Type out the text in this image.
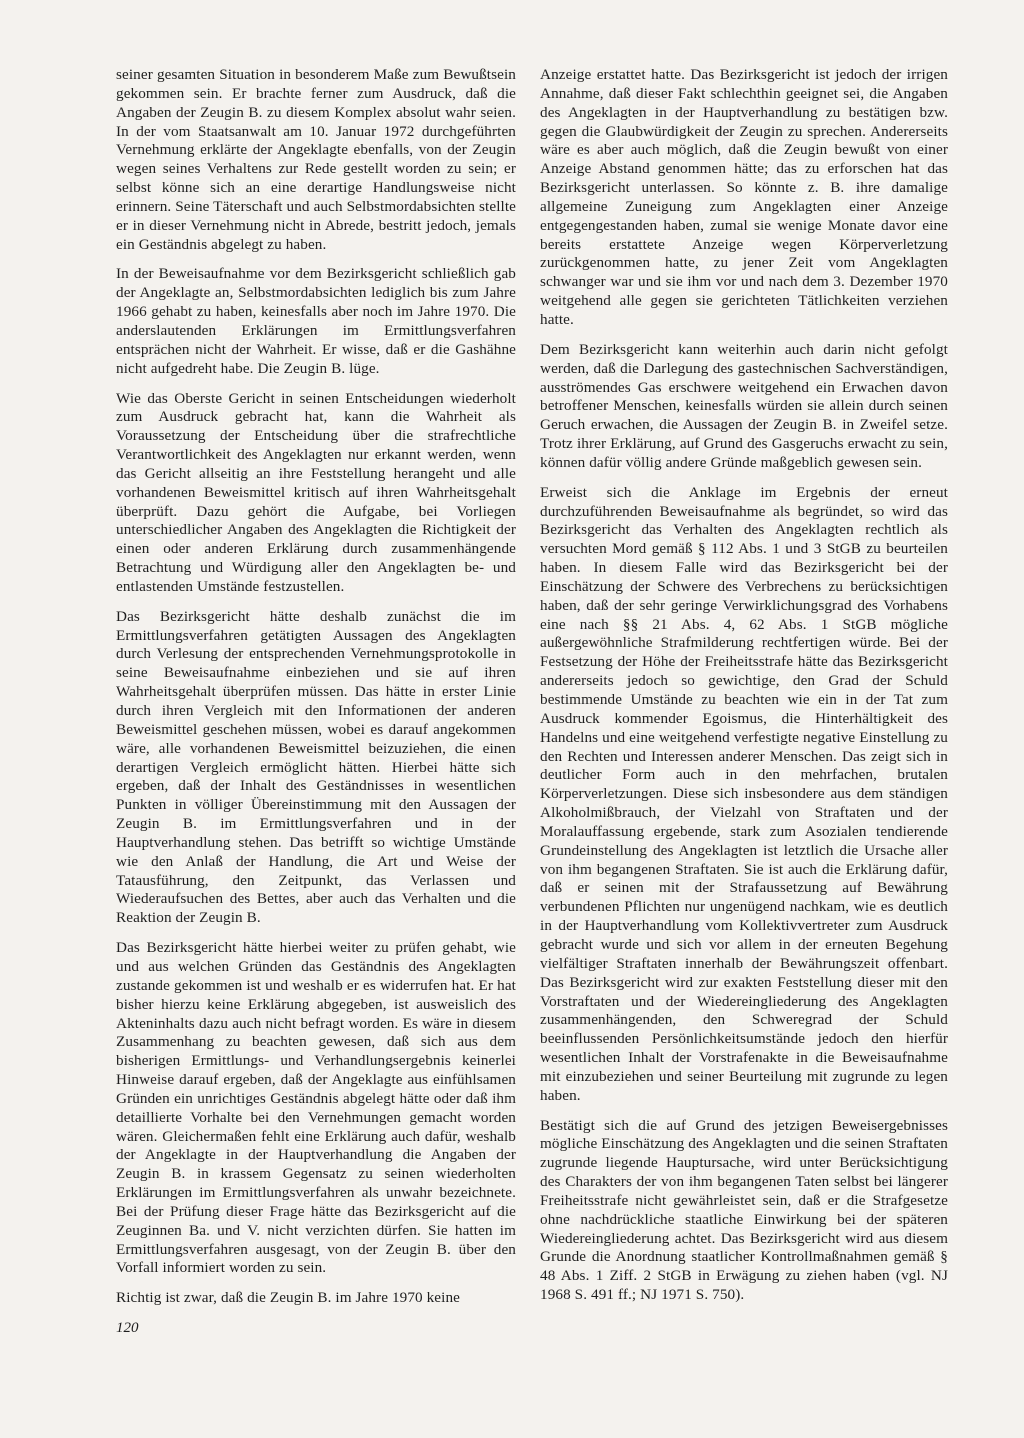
seiner gesamten Situation in besonderem Maße zum Bewußtsein gekommen sein. Er brachte ferner zum Ausdruck, daß die Angaben der Zeugin B. zu diesem Komplex absolut wahr seien. In der vom Staatsanwalt am 10. Januar 1972 durchgeführten Vernehmung erklärte der Angeklagte ebenfalls, von der Zeugin wegen seines Verhaltens zur Rede gestellt worden zu sein; er selbst könne sich an eine derartige Handlungsweise nicht erinnern. Seine Täterschaft und auch Selbstmordabsichten stellte er in dieser Vernehmung nicht in Abrede, bestritt jedoch, jemals ein Geständnis abgelegt zu haben.

In der Beweisaufnahme vor dem Bezirksgericht schließlich gab der Angeklagte an, Selbstmordabsichten lediglich bis zum Jahre 1966 gehabt zu haben, keinesfalls aber noch im Jahre 1970. Die anderslautenden Erklärungen im Ermittlungsverfahren entsprächen nicht der Wahrheit. Er wisse, daß er die Gashähne nicht aufgedreht habe. Die Zeugin B. lüge.

Wie das Oberste Gericht in seinen Entscheidungen wiederholt zum Ausdruck gebracht hat, kann die Wahrheit als Voraussetzung der Entscheidung über die strafrechtliche Verantwortlichkeit des Angeklagten nur erkannt werden, wenn das Gericht allseitig an ihre Feststellung herangeht und alle vorhandenen Beweismittel kritisch auf ihren Wahrheitsgehalt überprüft. Dazu gehört die Aufgabe, bei Vorliegen unterschiedlicher Angaben des Angeklagten die Richtigkeit der einen oder anderen Erklärung durch zusammenhängende Betrachtung und Würdigung aller den Angeklagten be- und entlastenden Umstände festzustellen.

Das Bezirksgericht hätte deshalb zunächst die im Ermittlungsverfahren getätigten Aussagen des Angeklagten durch Verlesung der entsprechenden Vernehmungsprotokolle in seine Beweisaufnahme einbeziehen und sie auf ihren Wahrheitsgehalt überprüfen müssen. Das hätte in erster Linie durch ihren Vergleich mit den Informationen der anderen Beweismittel geschehen müssen, wobei es darauf angekommen wäre, alle vorhandenen Beweismittel beizuziehen, die einen derartigen Vergleich ermöglicht hätten. Hierbei hätte sich ergeben, daß der Inhalt des Geständnisses in wesentlichen Punkten in völliger Übereinstimmung mit den Aussagen der Zeugin B. im Ermittlungsverfahren und in der Hauptverhandlung stehen. Das betrifft so wichtige Umstände wie den Anlaß der Handlung, die Art und Weise der Tatausführung, den Zeitpunkt, das Verlassen und Wiederaufsuchen des Bettes, aber auch das Verhalten und die Reaktion der Zeugin B.

Das Bezirksgericht hätte hierbei weiter zu prüfen gehabt, wie und aus welchen Gründen das Geständnis des Angeklagten zustande gekommen ist und weshalb er es widerrufen hat. Er hat bisher hierzu keine Erklärung abgegeben, ist ausweislich des Akteninhalts dazu auch nicht befragt worden. Es wäre in diesem Zusammenhang zu beachten gewesen, daß sich aus dem bisherigen Ermittlungs- und Verhandlungsergebnis keinerlei Hinweise darauf ergeben, daß der Angeklagte aus einfühlsamen Gründen ein unrichtiges Geständnis abgelegt hätte oder daß ihm detaillierte Vorhalte bei den Vernehmungen gemacht worden wären. Gleichermaßen fehlt eine Erklärung auch dafür, weshalb der Angeklagte in der Hauptverhandlung die Angaben der Zeugin B. in krassem Gegensatz zu seinen wiederholten Erklärungen im Ermittlungsverfahren als unwahr bezeichnete. Bei der Prüfung dieser Frage hätte das Bezirksgericht auf die Zeuginnen Ba. und V. nicht verzichten dürfen. Sie hatten im Ermittlungsverfahren ausgesagt, von der Zeugin B. über den Vorfall informiert worden zu sein.

Richtig ist zwar, daß die Zeugin B. im Jahre 1970 keine

Anzeige erstattet hatte. Das Bezirksgericht ist jedoch der irrigen Annahme, daß dieser Fakt schlechthin geeignet sei, die Angaben des Angeklagten in der Hauptverhandlung zu bestätigen bzw. gegen die Glaubwürdigkeit der Zeugin zu sprechen. Andererseits wäre es aber auch möglich, daß die Zeugin bewußt von einer Anzeige Abstand genommen hätte; das zu erforschen hat das Bezirksgericht unterlassen. So könnte z. B. ihre damalige allgemeine Zuneigung zum Angeklagten einer Anzeige entgegengestanden haben, zumal sie wenige Monate davor eine bereits erstattete Anzeige wegen Körperverletzung zurückgenommen hatte, zu jener Zeit vom Angeklagten schwanger war und sie ihm vor und nach dem 3. Dezember 1970 weitgehend alle gegen sie gerichteten Tätlichkeiten verziehen hatte.

Dem Bezirksgericht kann weiterhin auch darin nicht gefolgt werden, daß die Darlegung des gastechnischen Sachverständigen, ausströmendes Gas erschwere weitgehend ein Erwachen davon betroffener Menschen, keinesfalls würden sie allein durch seinen Geruch erwachen, die Aussagen der Zeugin B. in Zweifel setze. Trotz ihrer Erklärung, auf Grund des Gasgeruchs erwacht zu sein, können dafür völlig andere Gründe maßgeblich gewesen sein.

Erweist sich die Anklage im Ergebnis der erneut durchzuführenden Beweisaufnahme als begründet, so wird das Bezirksgericht das Verhalten des Angeklagten rechtlich als versuchten Mord gemäß § 112 Abs. 1 und 3 StGB zu beurteilen haben. In diesem Falle wird das Bezirksgericht bei der Einschätzung der Schwere des Verbrechens zu berücksichtigen haben, daß der sehr geringe Verwirklichungsgrad des Vorhabens eine nach §§ 21 Abs. 4, 62 Abs. 1 StGB mögliche außergewöhnliche Strafmilderung rechtfertigen würde. Bei der Festsetzung der Höhe der Freiheitsstrafe hätte das Bezirksgericht andererseits jedoch so gewichtige, den Grad der Schuld bestimmende Umstände zu beachten wie ein in der Tat zum Ausdruck kommender Egoismus, die Hinterhältigkeit des Handelns und eine weitgehend verfestigte negative Einstellung zu den Rechten und Interessen anderer Menschen. Das zeigt sich in deutlicher Form auch in den mehrfachen, brutalen Körperverletzungen. Diese sich insbesondere aus dem ständigen Alkoholmißbrauch, der Vielzahl von Straftaten und der Moralauffassung ergebende, stark zum Asozialen tendierende Grundeinstellung des Angeklagten ist letztlich die Ursache aller von ihm begangenen Straftaten. Sie ist auch die Erklärung dafür, daß er seinen mit der Strafaussetzung auf Bewährung verbundenen Pflichten nur ungenügend nachkam, wie es deutlich in der Hauptverhandlung vom Kollektivvertreter zum Ausdruck gebracht wurde und sich vor allem in der erneuten Begehung vielfältiger Straftaten innerhalb der Bewährungszeit offenbart. Das Bezirksgericht wird zur exakten Feststellung dieser mit den Vorstraftaten und der Wiedereingliederung des Angeklagten zusammenhängenden, den Schweregrad der Schuld beeinflussenden Persönlichkeitsumstände jedoch den hierfür wesentlichen Inhalt der Vorstrafenakte in die Beweisaufnahme mit einzubeziehen und seiner Beurteilung mit zugrunde zu legen haben.

Bestätigt sich die auf Grund des jetzigen Beweisergebnisses mögliche Einschätzung des Angeklagten und die seinen Straftaten zugrunde liegende Hauptursache, wird unter Berücksichtigung des Charakters der von ihm begangenen Taten selbst bei längerer Freiheitsstrafe nicht gewährleistet sein, daß er die Strafgesetze ohne nachdrückliche staatliche Einwirkung bei der späteren Wiedereingliederung achtet. Das Bezirksgericht wird aus diesem Grunde die Anordnung staatlicher Kontrollmaßnahmen gemäß § 48 Abs. 1 Ziff. 2 StGB in Erwägung zu ziehen haben (vgl. NJ 1968 S. 491 ff.; NJ 1971 S. 750).

120
